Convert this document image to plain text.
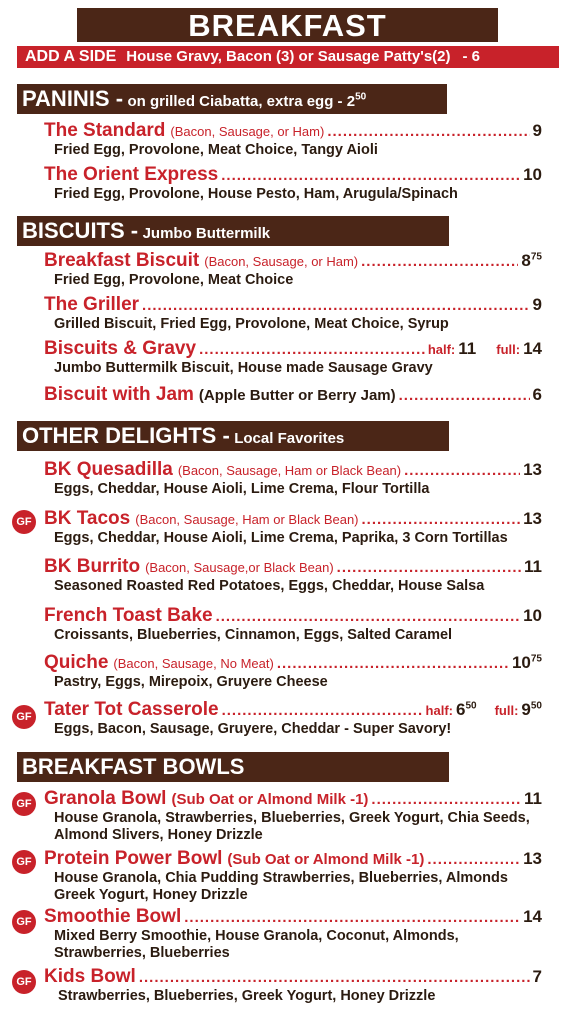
BREAKFAST
ADD A SIDE House Gravy, Bacon (3) or Sausage Patty's(2) - 6
PANINIS - on grilled Ciabatta, extra egg - $2^{50}$
The Standard (Bacon, Sausage, or Ham) .....	9
Fried Egg, Provolone, Meat Choice, Tangy Aioli
The Orient Express .....	10
Fried Egg, Provolone, House Pesto, Ham, Arugula/Spinach
BISCUITS - Jumbo Buttermilk
Breakfast Biscuit (Bacon, Sausage, or Ham) .....	$8^{75}$
Fried Egg, Provolone, Meat Choice
The Griller .....	9
Grilled Biscuit, Fried Egg, Provolone, Meat Choice, Syrup
Biscuits & Gravy .....	half: 11 full: 14
Jumbo Buttermilk Biscuit, House made Sausage Gravy
Biscuit with Jam (Apple Butter or Berry Jam) .....	6
OTHER DELIGHTS - Local Favorites
BK Quesadilla (Bacon, Sausage, Ham or Black Bean) .....	13
Eggs, Cheddar, House Aioli, Lime Crema, Flour Tortilla
GF BK Tacos (Bacon, Sausage, Ham or Black Bean) .....	13
Eggs, Cheddar, House Aioli, Lime Crema, Paprika, 3 Corn Tortillas
BK Burrito (Bacon, Sausage,or Black Bean) .....	11
Seasoned Roasted Red Potatoes, Eggs, Cheddar, House Salsa
French Toast Bake .....	10
Croissants, Blueberries, Cinnamon, Eggs, Salted Caramel
Quiche (Bacon, Sausage, No Meat) .....	$10^{75}$
Pastry, Eggs, Mirepoix, Gruyere Cheese
GF Tater Tot Casserole .....	half: $6^{50}$ full: $9^{50}$
Eggs, Bacon, Sausage, Gruyere, Cheddar - Super Savory!
BREAKFAST BOWLS
GF Granola Bowl (Sub Oat or Almond Milk -1) .....	11
House Granola, Strawberries, Blueberries, Greek Yogurt, Chia Seeds, Almond Slivers, Honey Drizzle
GF Protein Power Bowl (Sub Oat or Almond Milk -1) .....	13
House Granola, Chia Pudding Strawberries, Blueberries, Almonds Greek Yogurt, Honey Drizzle
GF Smoothie Bowl .....	14
Mixed Berry Smoothie, House Granola, Coconut, Almonds, Strawberries, Blueberries
GF Kids Bowl .....	7
Strawberries, Blueberries, Greek Yogurt, Honey Drizzle
